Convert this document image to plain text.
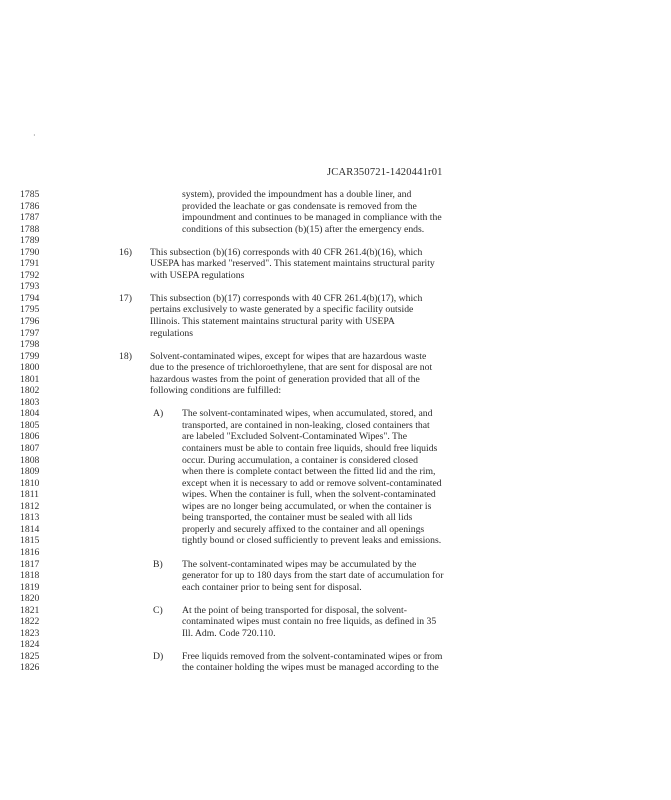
·
JCAR350721-1420441r01
1785	system), provided the impoundment has a double liner, and
1786	provided the leachate or gas condensate is removed from the
1787	impoundment and continues to be managed in compliance with the
1788	conditions of this subsection (b)(15) after the emergency ends.
1789
1790	16) This subsection (b)(16) corresponds with 40 CFR 261.4(b)(16), which
1791	USEPA has marked "reserved". This statement maintains structural parity
1792	with USEPA regulations
1793
1794	17) This subsection (b)(17) corresponds with 40 CFR 261.4(b)(17), which
1795	pertains exclusively to waste generated by a specific facility outside
1796	Illinois. This statement maintains structural parity with USEPA
1797	regulations
1798
1799	18) Solvent-contaminated wipes, except for wipes that are hazardous waste
1800	due to the presence of trichloroethylene, that are sent for disposal are not
1801	hazardous wastes from the point of generation provided that all of the
1802	following conditions are fulfilled:
1803
1804	A) The solvent-contaminated wipes, when accumulated, stored, and
1805	transported, are contained in non-leaking, closed containers that
1806	are labeled "Excluded Solvent-Contaminated Wipes". The
1807	containers must be able to contain free liquids, should free liquids
1808	occur. During accumulation, a container is considered closed
1809	when there is complete contact between the fitted lid and the rim,
1810	except when it is necessary to add or remove solvent-contaminated
1811	wipes. When the container is full, when the solvent-contaminated
1812	wipes are no longer being accumulated, or when the container is
1813	being transported, the container must be sealed with all lids
1814	properly and securely affixed to the container and all openings
1815	tightly bound or closed sufficiently to prevent leaks and emissions.
1816
1817	B) The solvent-contaminated wipes may be accumulated by the
1818	generator for up to 180 days from the start date of accumulation for
1819	each container prior to being sent for disposal.
1820
1821	C) At the point of being transported for disposal, the solvent-
1822	contaminated wipes must contain no free liquids, as defined in 35
1823	Ill. Adm. Code 720.110.
1824
1825	D) Free liquids removed from the solvent-contaminated wipes or from
1826	the container holding the wipes must be managed according to the
